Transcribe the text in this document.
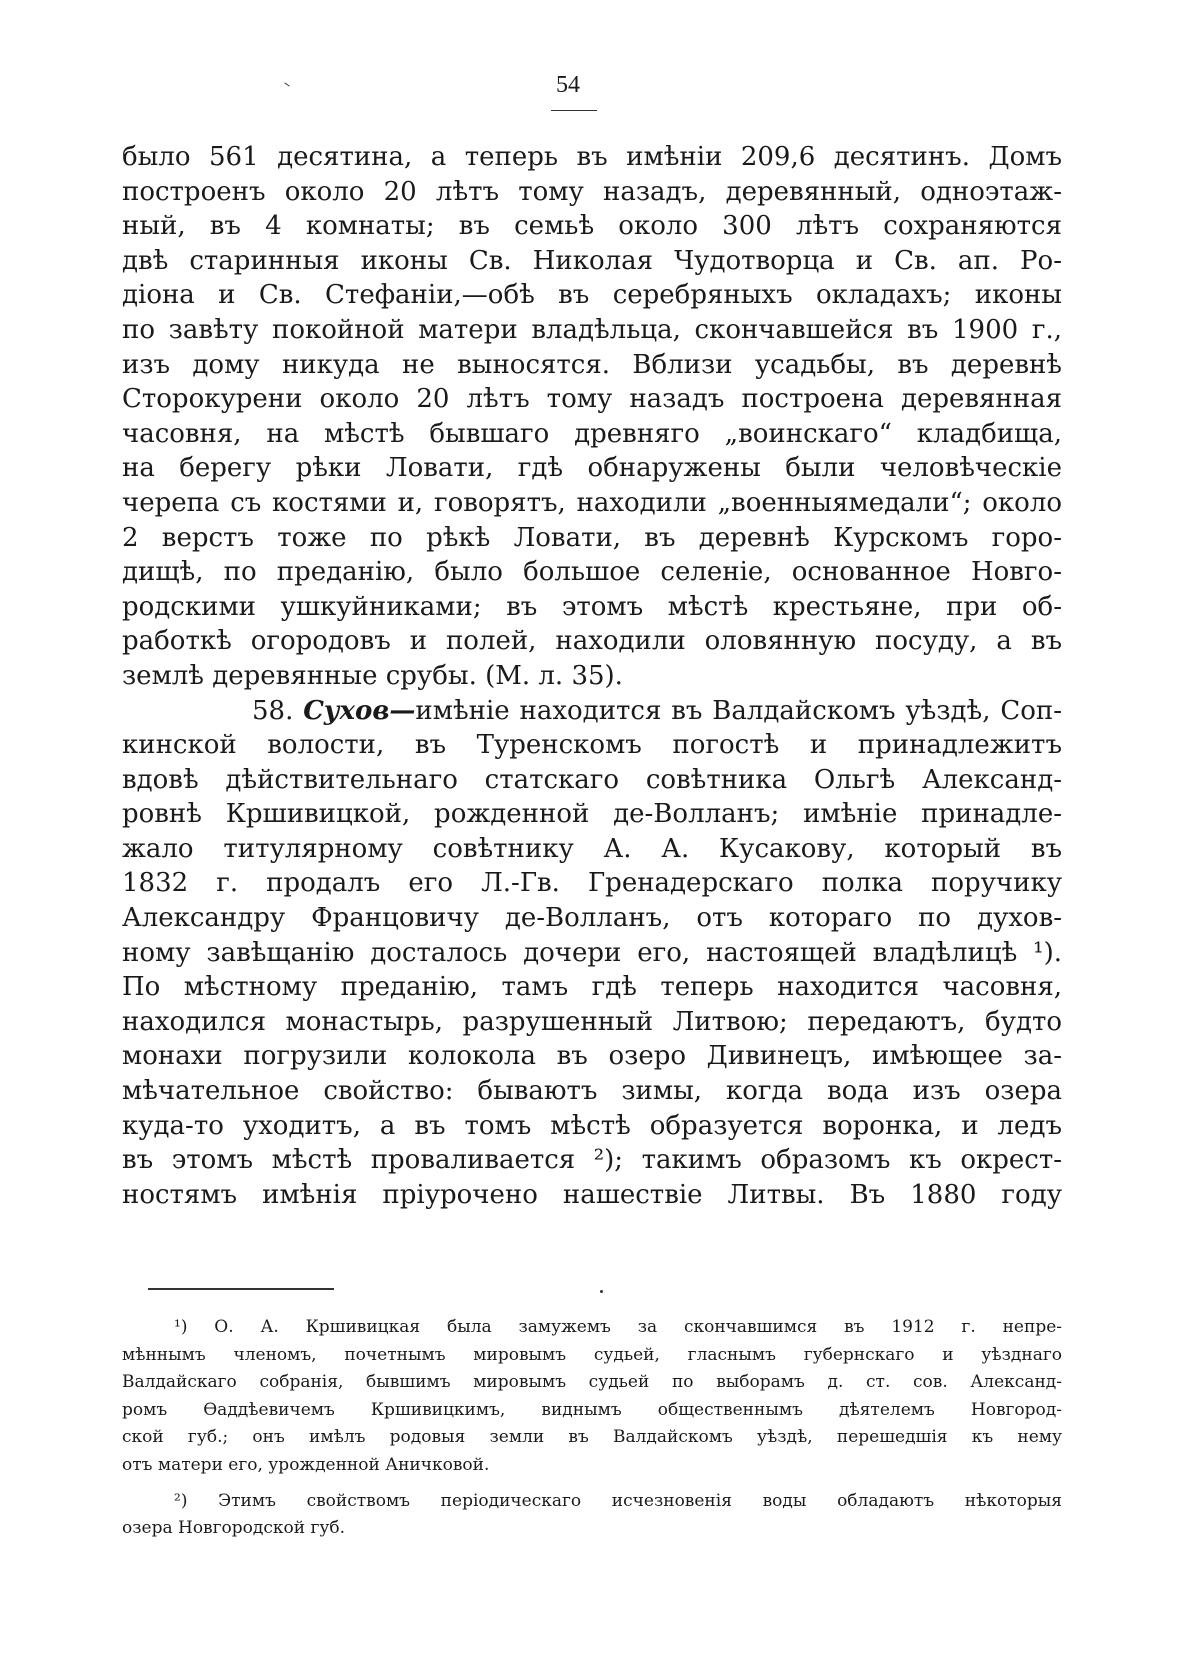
54
было 561 десятина, а теперь въ имѣніи 209,6 десятинъ. Домъ
построенъ около 20 лѣтъ тому назадъ, деревянный, одноэтаж-
ный, въ 4 комнаты; въ семьѣ около 300 лѣтъ сохраняются
двѣ старинныя иконы Св. Николая Чудотворца и Св. ап. Ро-
діона и Св. Стефаніи,—обѣ въ серебряныхъ окладахъ; иконы
по завѣту покойной матери владѣльца, скончавшейся въ 1900 г.,
изъ дому никуда не выносятся. Вблизи усадьбы, въ деревнѣ
Сторокурени около 20 лѣтъ тому назадъ построена деревянная
часовня, на мѣстѣ бывшаго древняго „воинскаго“ кладбища,
на берегу рѣки Ловати, гдѣ обнаружены были человѣческіе
черепа съ костями и, говорятъ, находили „военныямедали“; около
2 верстъ тоже по рѣкѣ Ловати, въ деревнѣ Курскомъ горо-
дищѣ, по преданію, было большое селеніе, основанное Новго-
родскими ушкуйниками; въ этомъ мѣстѣ крестьяне, при об-
работкѣ огородовъ и полей, находили оловянную посуду, а въ
землѣ деревянные срубы. (М. л. 35).
58. Сухов—имѣніе находится въ Валдайскомъ уѣздѣ, Соп-
кинской волости, въ Туренскомъ погостѣ и принадлежитъ
вдовѣ дѣйствительнаго статскаго совѣтника Ольгѣ Александ-
ровнѣ Кршивицкой, рожденной де-Волланъ; имѣніе принадле-
жало титулярному совѣтнику А. А. Кусакову, который въ
1832 г. продалъ его Л.-Гв. Гренадерскаго полка поручику
Александру Францовичу де-Волланъ, отъ котораго по духов-
ному завѣщанію досталось дочери его, настоящей владѣлицѣ ¹).
По мѣстному преданію, тамъ гдѣ теперь находится часовня,
находился монастырь, разрушенный Литвою; передаютъ, будто
монахи погрузили колокола въ озеро Дивинецъ, имѣющее за-
мѣчательное свойство: бываютъ зимы, когда вода изъ озера
куда-то уходитъ, а въ томъ мѣстѣ образуется воронка, и ледъ
въ этомъ мѣстѣ проваливается ²); такимъ образомъ къ окрест-
ностямъ имѣнія пріурочено нашествіе Литвы. Въ 1880 году
¹) О. А. Кршивицкая была замужемъ за скончавшимся въ 1912 г. непре-
мѣннымъ членомъ, почетнымъ мировымъ судьей, гласнымъ губернскаго и уѣзднаго
Валдайскаго собранія, бывшимъ мировымъ судьей по выборамъ д. ст. сов. Александ-
ромъ Өаддѣевичемъ Кршивицкимъ, виднымъ общественнымъ дѣятелемъ Новгород-
ской губ.; онъ имѣлъ родовыя земли въ Валдайскомъ уѣздѣ, перешедшія къ нему
отъ матери его, урожденной Аничковой.
²) Этимъ свойствомъ періодическаго исчезновенія воды обладаютъ нѣкоторыя
озера Новгородской губ.
